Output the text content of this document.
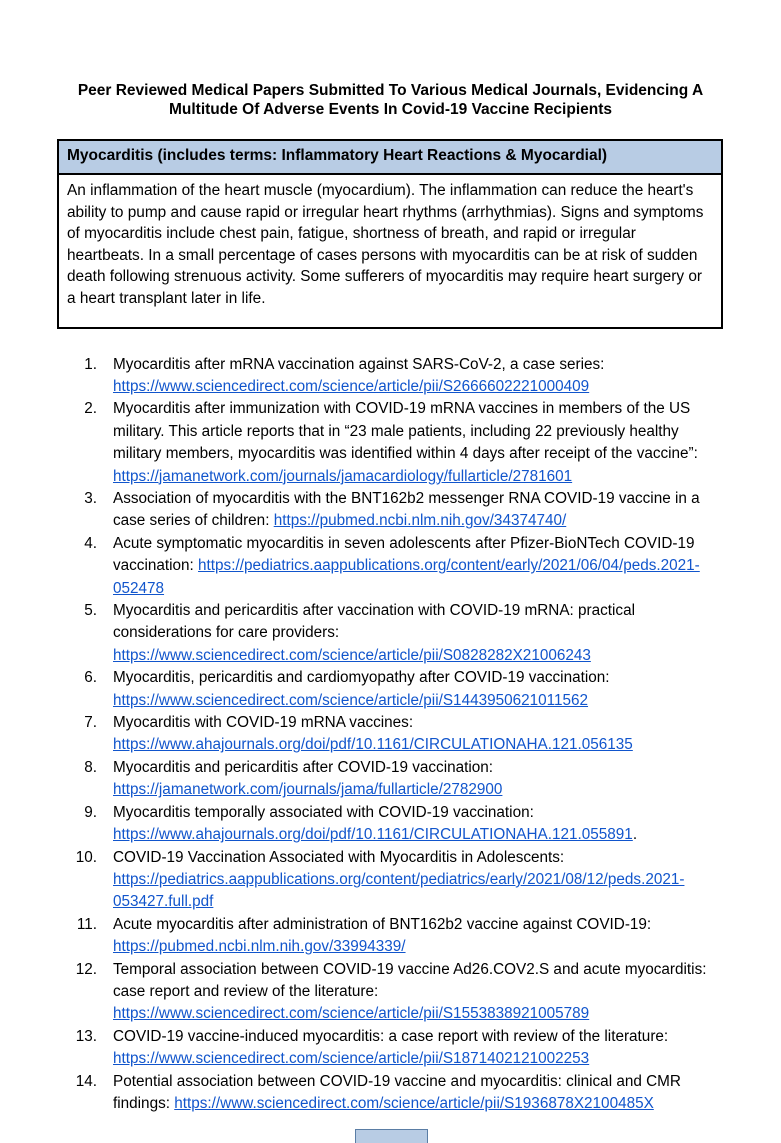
Peer Reviewed Medical Papers Submitted To Various Medical Journals, Evidencing A
Multitude Of Adverse Events In Covid-19 Vaccine Recipients
Myocarditis (includes terms: Inflammatory Heart Reactions & Myocardial)
An inflammation of the heart muscle (myocardium). The inflammation can reduce the heart's ability to pump and cause rapid or irregular heart rhythms (arrhythmias). Signs and symptoms of myocarditis include chest pain, fatigue, shortness of breath, and rapid or irregular heartbeats. In a small percentage of cases persons with myocarditis can be at risk of sudden death following strenuous activity. Some sufferers of myocarditis may require heart surgery or a heart transplant later in life.
1. Myocarditis after mRNA vaccination against SARS-CoV-2, a case series: https://www.sciencedirect.com/science/article/pii/S2666602221000409
2. Myocarditis after immunization with COVID-19 mRNA vaccines in members of the US military. This article reports that in “23 male patients, including 22 previously healthy military members, myocarditis was identified within 4 days after receipt of the vaccine”: https://jamanetwork.com/journals/jamacardiology/fullarticle/2781601
3. Association of myocarditis with the BNT162b2 messenger RNA COVID-19 vaccine in a case series of children: https://pubmed.ncbi.nlm.nih.gov/34374740/
4. Acute symptomatic myocarditis in seven adolescents after Pfizer-BioNTech COVID-19 vaccination: https://pediatrics.aappublications.org/content/early/2021/06/04/peds.2021-052478
5. Myocarditis and pericarditis after vaccination with COVID-19 mRNA: practical considerations for care providers: https://www.sciencedirect.com/science/article/pii/S0828282X21006243
6. Myocarditis, pericarditis and cardiomyopathy after COVID-19 vaccination: https://www.sciencedirect.com/science/article/pii/S1443950621011562
7. Myocarditis with COVID-19 mRNA vaccines: https://www.ahajournals.org/doi/pdf/10.1161/CIRCULATIONAHA.121.056135
8. Myocarditis and pericarditis after COVID-19 vaccination: https://jamanetwork.com/journals/jama/fullarticle/2782900
9. Myocarditis temporally associated with COVID-19 vaccination: https://www.ahajournals.org/doi/pdf/10.1161/CIRCULATIONAHA.121.055891.
10. COVID-19 Vaccination Associated with Myocarditis in Adolescents: https://pediatrics.aappublications.org/content/pediatrics/early/2021/08/12/peds.2021-053427.full.pdf
11. Acute myocarditis after administration of BNT162b2 vaccine against COVID-19: https://pubmed.ncbi.nlm.nih.gov/33994339/
12. Temporal association between COVID-19 vaccine Ad26.COV2.S and acute myocarditis: case report and review of the literature: https://www.sciencedirect.com/science/article/pii/S1553838921005789
13. COVID-19 vaccine-induced myocarditis: a case report with review of the literature: https://www.sciencedirect.com/science/article/pii/S1871402121002253
14. Potential association between COVID-19 vaccine and myocarditis: clinical and CMR findings: https://www.sciencedirect.com/science/article/pii/S1936878X2100485X
